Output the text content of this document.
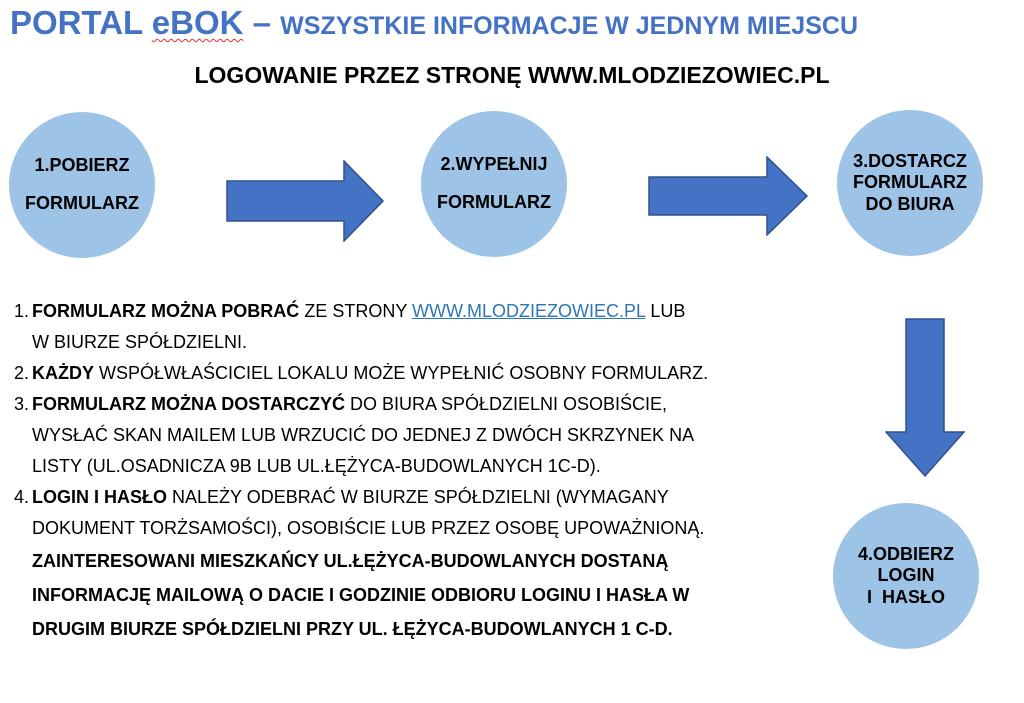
PORTAL eBOK – WSZYSTKIE INFORMACJE W JEDNYM MIEJSCU
LOGOWANIE PRZEZ STRONĘ WWW.MLODZIEZOWIEC.PL
1.POBIERZ
FORMULARZ
2.WYPEŁNIJ
FORMULARZ
3.DOSTARCZ
FORMULARZ
DO BIURA
4.ODBIERZ
LOGIN
I  HASŁO
1. FORMULARZ MOŻNA POBRAĆ ZE STRONY WWW.MLODZIEZOWIEC.PL LUB
W BIURZE SPÓŁDZIELNI.
2. KAŻDY WSPÓŁWŁAŚCICIEL LOKALU MOŻE WYPEŁNIĆ OSOBNY FORMULARZ.
3. FORMULARZ MOŻNA DOSTARCZYĆ DO BIURA SPÓŁDZIELNI OSOBIŚCIE,
WYSŁAĆ SKAN MAILEM LUB WRZUCIĆ DO JEDNEJ Z DWÓCH SKRZYNEK NA
LISTY (UL.OSADNICZA 9B LUB UL.ŁĘŻYCA-BUDOWLANYCH 1C-D).
4. LOGIN I HASŁO NALEŻY ODEBRAĆ W BIURZE SPÓŁDZIELNI (WYMAGANY
DOKUMENT TORŻSAMOŚCI), OSOBIŚCIE LUB PRZEZ OSOBĘ UPOWAŻNIONĄ.
ZAINTERESOWANI MIESZKAŃCY UL.ŁĘŻYCA-BUDOWLANYCH DOSTANĄ
INFORMACJĘ MAILOWĄ O DACIE I GODZINIE ODBIORU LOGINU I HASŁA W
DRUGIM BIURZE SPÓŁDZIELNI PRZY UL. ŁĘŻYCA-BUDOWLANYCH 1 C-D.
